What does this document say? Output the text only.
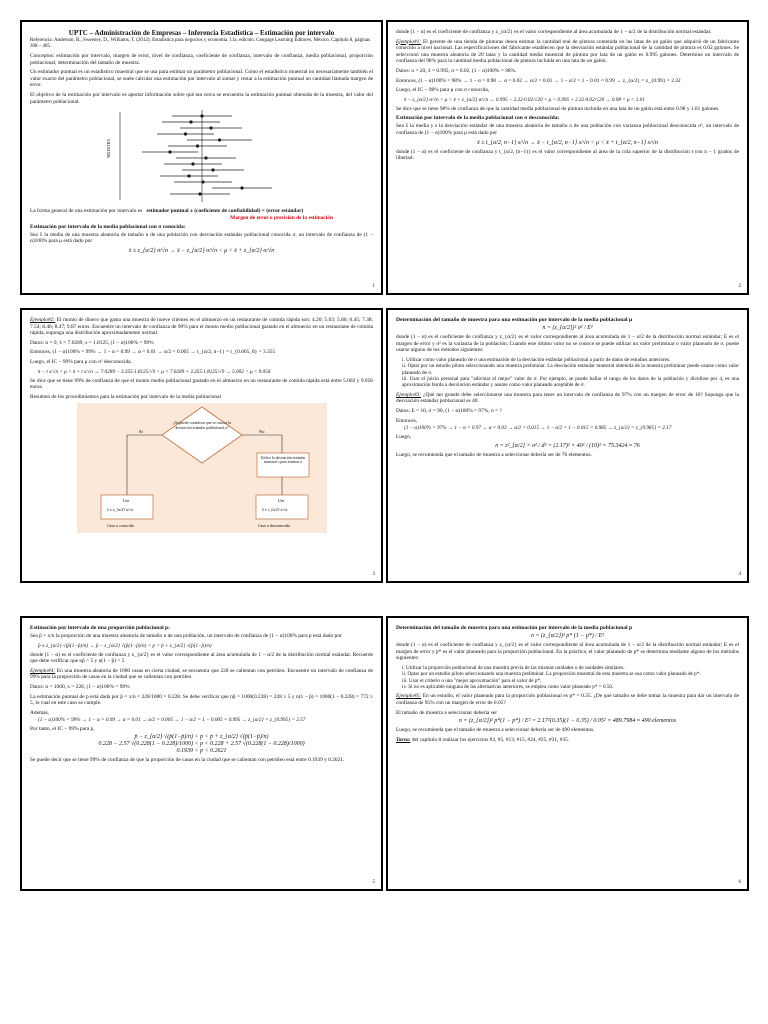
UPTC – Administración de Empresas – Inferencia Estadística – Estimación por intervalo

Referencia: Anderson, R., Sweeney, D., Williams, T. (2012). Estadística para negocios y economía. 11a. edición. Cengage Learning Editores, México. Capítulo 8, páginas 308 – 405.

Conceptos: estimación por intervalo, margen de error, nivel de confianza, coeficiente de confianza, intervalo de confianza, media poblacional, proporción poblacional, determinación del tamaño de muestra.

Un estimador puntual es un estadístico muestral que se usa para estimar un parámetro poblacional. Como el estadístico muestral no necesariamente también el valor exacto del parámetro poblacional, se suele calcular una estimación por intervalo al sumar y restar a la estimación puntual un cantidad llamada margen de error.

El objetivo de la estimación por intervalo es aportar información sobre qué tan cerca se encuentra la estimación puntual obtenida de la muestra, del valor del parámetro poblacional.

MUESTRA

La forma general de una estimación por intervalo es estimador puntual ± (coeficiente de confiabilidad) × (error estándar)

Margen de error o precisión de la estimación

Estimación por intervalo de la media poblacional con σ conocida:

Sea x̄ la media de una muestra aleatoria de tamaño n de una población con desviación estándar poblacional conocida σ, un intervalo de confianza de (1 − α)100% para μ está dado por

x̄ ± z_{α/2} σ/√n → x̄ − z_{α/2} σ/√n < μ < x̄ + z_{α/2} σ/√n

1

donde (1 − α) es el coeficiente de confianza y z_{α/2} es el valor correspondiente al área acumulada de 1 − α/2 de la distribución normal estándar.

Ejemplo#1: El gerente de una tienda de pinturas desea estimar la cantidad real de pintura contenida en las latas de un galón que adquirió de un fabricante conocido a nivel nacional. Las especificaciones del fabricante establecen que la desviación estándar poblacional de la cantidad de pintura es 0.02 galones. Se seleccionó una muestra aleatoria de 20 latas y la cantidad media muestral de pintura por lata de un galón es 0.995 galones. Determine un intervalo de confianza del 98% para la cantidad media poblacional de pintura incluida en una lata de un galón.

Datos: n = 20, x̄ = 0.995, σ = 0.02, (1 − α)100% = 98%.

Entonces, (1 − α)100% = 98% → 1 − α = 0.98 → α = 0.02 → α/2 = 0.01 → 1 − α/2 = 1 − 0.01 = 0.99 → z_{α/2} = z_{0.99} = 2.32

Luego, el IC − 98% para μ con σ conocida,

x̄ − z_{α/2} σ/√n < μ < x̄ + z_{α/2} σ/√n → 0.995 − 2.32·0.02/√20 < μ < 0.995 + 2.32·0.02/√20 → 0.98 < μ < 1.01

Se dice que se tiene 98% de confianza de que la cantidad media poblacional de pintura incluida en una lata de un galón está entre 0.98 y 1.01 galones.

Estimación por intervalo de la media poblacional con σ desconocida:

Sea x̄ la media y s la desviación estándar de una muestra aleatoria de tamaño n de una población con varianza poblacional desconocida σ², un intervalo de confianza de (1 − α)100% para μ está dado por

x̄ ± t_{α/2, n−1} s/√n → x̄ − t_{α/2, n−1} s/√n < μ < x̄ + t_{α/2, n−1} s/√n

donde (1 − α) es el coeficiente de confianza y t_{α/2, (n−1)} es el valor correspondiente al área de la cola superior de la distribución t con n − 1 grados de libertad.

2

Ejemplo#2: El monto de dinero que gasta una muestra de nueve clientes en el almuerzo en un restaurante de comida rápida son: 4.20; 5.03; 5.86; 6.45; 7.38; 7.54; 8.46; 8.47; 9.87 euros. Encuentre un intervalo de confianza de 99% para el monto medio poblacional gastado en el almuerzo en un restaurante de comida rápida, suponga una distribución aproximadamente normal.

Datos: n = 9, x̄ = 7.0289, s = 1.8125, (1 − α)100% = 99%

Entonces, (1 − α)100% = 99% → 1 − α = 0.99 → α = 0.01 → α/2 = 0.005 → t_{α/2, n−1} = t_{0.005, 8} = 3.355

Luego, el IC − 99% para μ con σ² desconocida.

x̄ − t s/√n < μ < x̄ + t s/√n → 7.0289 − 3.355·1.8125/√9 < μ < 7.0289 + 3.355·1.8125/√9 → 5.002 < μ < 9.056

Se dice que se tiene 99% de confianza de que el monto medio poblacional gastado en el almuerzo en un restaurante de comida rápida está entre 5.002 y 9.056 euros.

Resumen de los procedimientos para la estimación por intervalo de la media poblacional

¿Se puede considerar que se conoce la desviación estándar poblacional σ?
Sí	No
Utilice la desviación estándar muestral s para estimar σ
Use	Use
x̄ ± z_{α/2} σ/√n	x̄ ± t_{α/2} s/√n
Caso σ conocida	Caso σ desconocida
3

Determinación del tamaño de muestra para una estimación por intervalo de la media poblacional μ

n = (z_{α/2})² σ² / E²

donde (1 − α) es el coeficiente de confianza y z_{α/2} es el valor correspondiente al área acumulada de 1 − α/2 de la distribución normal estándar; E es el margen de error y σ² es la varianza de la población. Cuando este último valor no se conoce se puede utilizar un valor preliminar o valor planeado de σ, puede usarse alguno de los métodos siguientes:

i. Utilizar como valor planeado de σ una estimación de la desviación estándar poblacional a partir de datos de estudios anteriores.
ii. Optar por un estudio piloto seleccionando una muestra preliminar. La desviación estándar muestral obtenida de la muestra preliminar puede usarse como valor planeado de σ.
iii. Usar el juicio personal para "adivinar el mejor" valor de σ. Por ejemplo, se puede hallar el rango de los datos de la población y dividirse por 4, es una aproximación burda a desviación estándar y asume como valor planeado aceptable de σ.

Ejemplo#3: ¿Qué tan grande debe seleccionarse una muestra para tener un intervalo de confianza de 97% con un margen de error de 10? Suponga que la desviación estándar poblacional es 40.

Datos: E = 10, σ = 90, (1 − α)100% = 97%, n = ?

Entonces,

(1 − α)100% = 97% → 1 − α = 0.97 → α = 0.03 → α/2 = 0.015 → 1 − α/2 = 1 − 0.015 = 0.985 → z_{α/2} = z_{0.985} = 2.17

Luego,

n = z²_{α/2} × σ² / d² = (2.17)² × 40² / (10)² = 75.3424 ≈ 76

Luego, se recomienda que el tamaño de muestra a seleccionar debería ser de 76 elementos.

4

Estimación por intervalo de una proporción poblacional p:

Sea p̄ = x/n la proporción de una muestra aleatoria de tamaño n de una población, un intervalo de confianza de (1 − α)100% para p está dado por

p̄ ± z_{α/2} √(p̄(1−p̄)/n) → p̄ − z_{α/2} √(p̄(1−p̄)/n) < p < p̄ + z_{α/2} √(p̄(1−p̄)/n)

donde (1 − α) es el coeficiente de confianza y z_{α/2} es el valor correspondiente al área acumulada de 1 − α/2 de la distribución normal estándar. Recuerde que debe verificar que np̄ > 5 y n(1 − p̄) > 5

Ejemplo#4: En una muestra aleatoria de 1000 casas en cierta ciudad, se encuentra que 228 se calientan con petróleo. Encuentre un intervalo de confianza de 99% para la proporción de casas en la ciudad que se calientan con petróleo.

Datos: n = 1000, x = 228, (1 − α)100% = 99%

La estimación puntual de p está dada por p̄ = x/n = 228/1000 = 0.228. Se debe verificar que np̄ = 1000(0.228) = 228 ≥ 5 y n(1 − p̄) = 1000(1 − 0.228) = 772 ≥ 5, lo cual en este caso se cumple.

Además,

(1 − α)100% = 99% → 1 − α = 0.99 → α = 0.01 → α/2 = 0.005 → 1 − α/2 = 1 − 0.005 = 0.995 → z_{α/2} = z_{0.995} = 2.57

Por tanto, el IC − 99% para p,

p̄ − z_{α/2} √(p̄(1−p̄)/n) < p < p̄ + z_{α/2} √(p̄(1−p̄)/n)

0.228 − 2.57 √(0.228(1 − 0.228)/1000) < p < 0.228 + 2.57 √(0.228(1 − 0.228)/1000)

0.1939 < p < 0.2621

Se puede decir que se tiene 99% de confianza de que la proporción de casas en la ciudad que se calientan con petróleo está entre 0.1939 y 0.2621.

5

Determinación del tamaño de muestra para una estimación por intervalo de la media poblacional p

n = (z_{α/2})² p* (1 − p*) / E²

donde (1 − α) es el coeficiente de confianza y z_{α/2} es el valor correspondiente al área acumulada de 1 − α/2 de la distribución normal estándar; E es el margen de error y p* es el valor planeado para la proporción poblacional. En la práctica, el valor planeado de p* se determina mediante alguno de los métodos siguientes:

i. Utilizar la proporción poblacional de una muestra previa de las mismas unidades o de unidades similares.
ii. Optar por un estudio piloto seleccionando una muestra preliminar. La proporción muestral de esta muestra se usa como valor planeado de p*.
iii. Usar el criterio o una "mejor aproximación" para el valor de p*.
iv. Si no es aplicable ninguna de las alternativas anteriores, se emplea como valor planeado p* = 0.50.

Ejemplo#5: En un estudio, el valor planeado para la proporción poblacional es p* = 0.35. ¿De qué tamaño se debe tomar la muestra para dar un intervalo de confianza de 95% con un margen de error de 0.05?

El tamaño de muestra a seleccionar debería ser

n = (z_{α/2})² p*(1 − p*) / E² = 2.17²(0.35)(1 − 0.35) / 0.05² = 489.7984 ≈ 490 elementos

Luego, se recomienda que el tamaño de muestra a seleccionar debería ser de 490 elementos.

Tarea: del capítulo 8 realizar los ejercicios #2, #5, #13, #15, #24, #25, #31, #35.

6
